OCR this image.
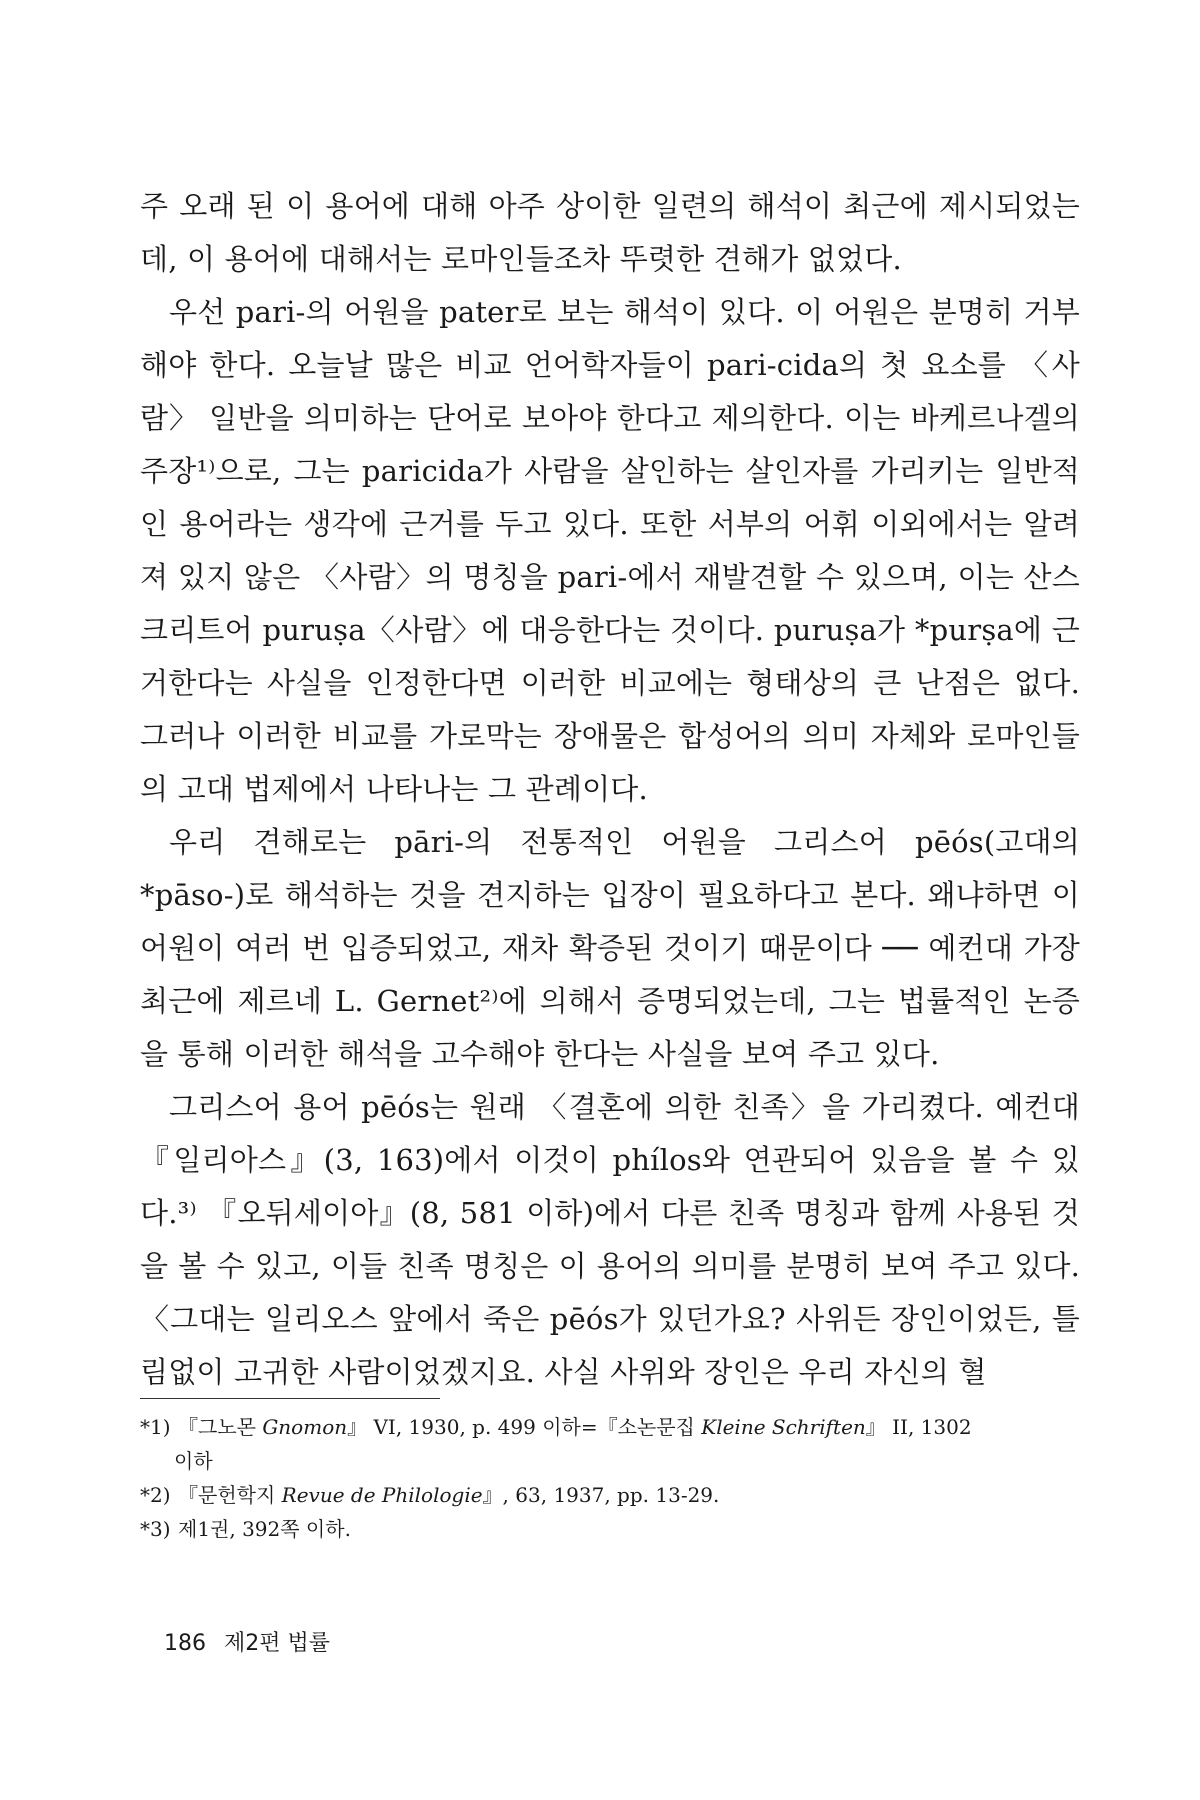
주 오래 된 이 용어에 대해 아주 상이한 일련의 해석이 최근에 제시되었는데, 이 용어에 대해서는 로마인들조차 뚜렷한 견해가 없었다.

우선 pari-의 어원을 pater로 보는 해석이 있다. 이 어원은 분명히 거부해야 한다. 오늘날 많은 비교 언어학자들이 pari-cida의 첫 요소를 〈사람〉 일반을 의미하는 단어로 보아야 한다고 제의한다. 이는 바케르나겔의 주장¹⁾으로, 그는 paricida가 사람을 살인하는 살인자를 가리키는 일반적인 용어라는 생각에 근거를 두고 있다. 또한 서부의 어휘 이외에서는 알려져 있지 않은 〈사람〉의 명칭을 pari-에서 재발견할 수 있으며, 이는 산스크리트어 puruṣa〈사람〉에 대응한다는 것이다. puruṣa가 *purṣa에 근거한다는 사실을 인정한다면 이러한 비교에는 형태상의 큰 난점은 없다. 그러나 이러한 비교를 가로막는 장애물은 합성어의 의미 자체와 로마인들의 고대 법제에서 나타나는 그 관례이다.

우리 견해로는 pāri-의 전통적인 어원을 그리스어 pēós(고대의 *pāso-)로 해석하는 것을 견지하는 입장이 필요하다고 본다. 왜냐하면 이 어원이 여러 번 입증되었고, 재차 확증된 것이기 때문이다 ── 예컨대 가장 최근에 제르네 L. Gernet²⁾에 의해서 증명되었는데, 그는 법률적인 논증을 통해 이러한 해석을 고수해야 한다는 사실을 보여 주고 있다.

그리스어 용어 pēós는 원래 〈결혼에 의한 친족〉을 가리켰다. 예컨대 『일리아스』(3, 163)에서 이것이 phílos와 연관되어 있음을 볼 수 있다.³⁾ 『오뒤세이아』(8, 581 이하)에서 다른 친족 명칭과 함께 사용된 것을 볼 수 있고, 이들 친족 명칭은 이 용어의 의미를 분명히 보여 주고 있다. 〈그대는 일리오스 앞에서 죽은 pēós가 있던가요? 사위든 장인이었든, 틀림없이 고귀한 사람이었겠지요. 사실 사위와 장인은 우리 자신의 혈

*1) 『그노몬 Gnomon』 VI, 1930, p. 499 이하=『소논문집 Kleine Schriften』 II, 1302
이하

*2) 『문헌학지 Revue de Philologie』, 63, 1937, pp. 13-29.

*3) 제1권, 392쪽 이하.

186 제2편 법률
